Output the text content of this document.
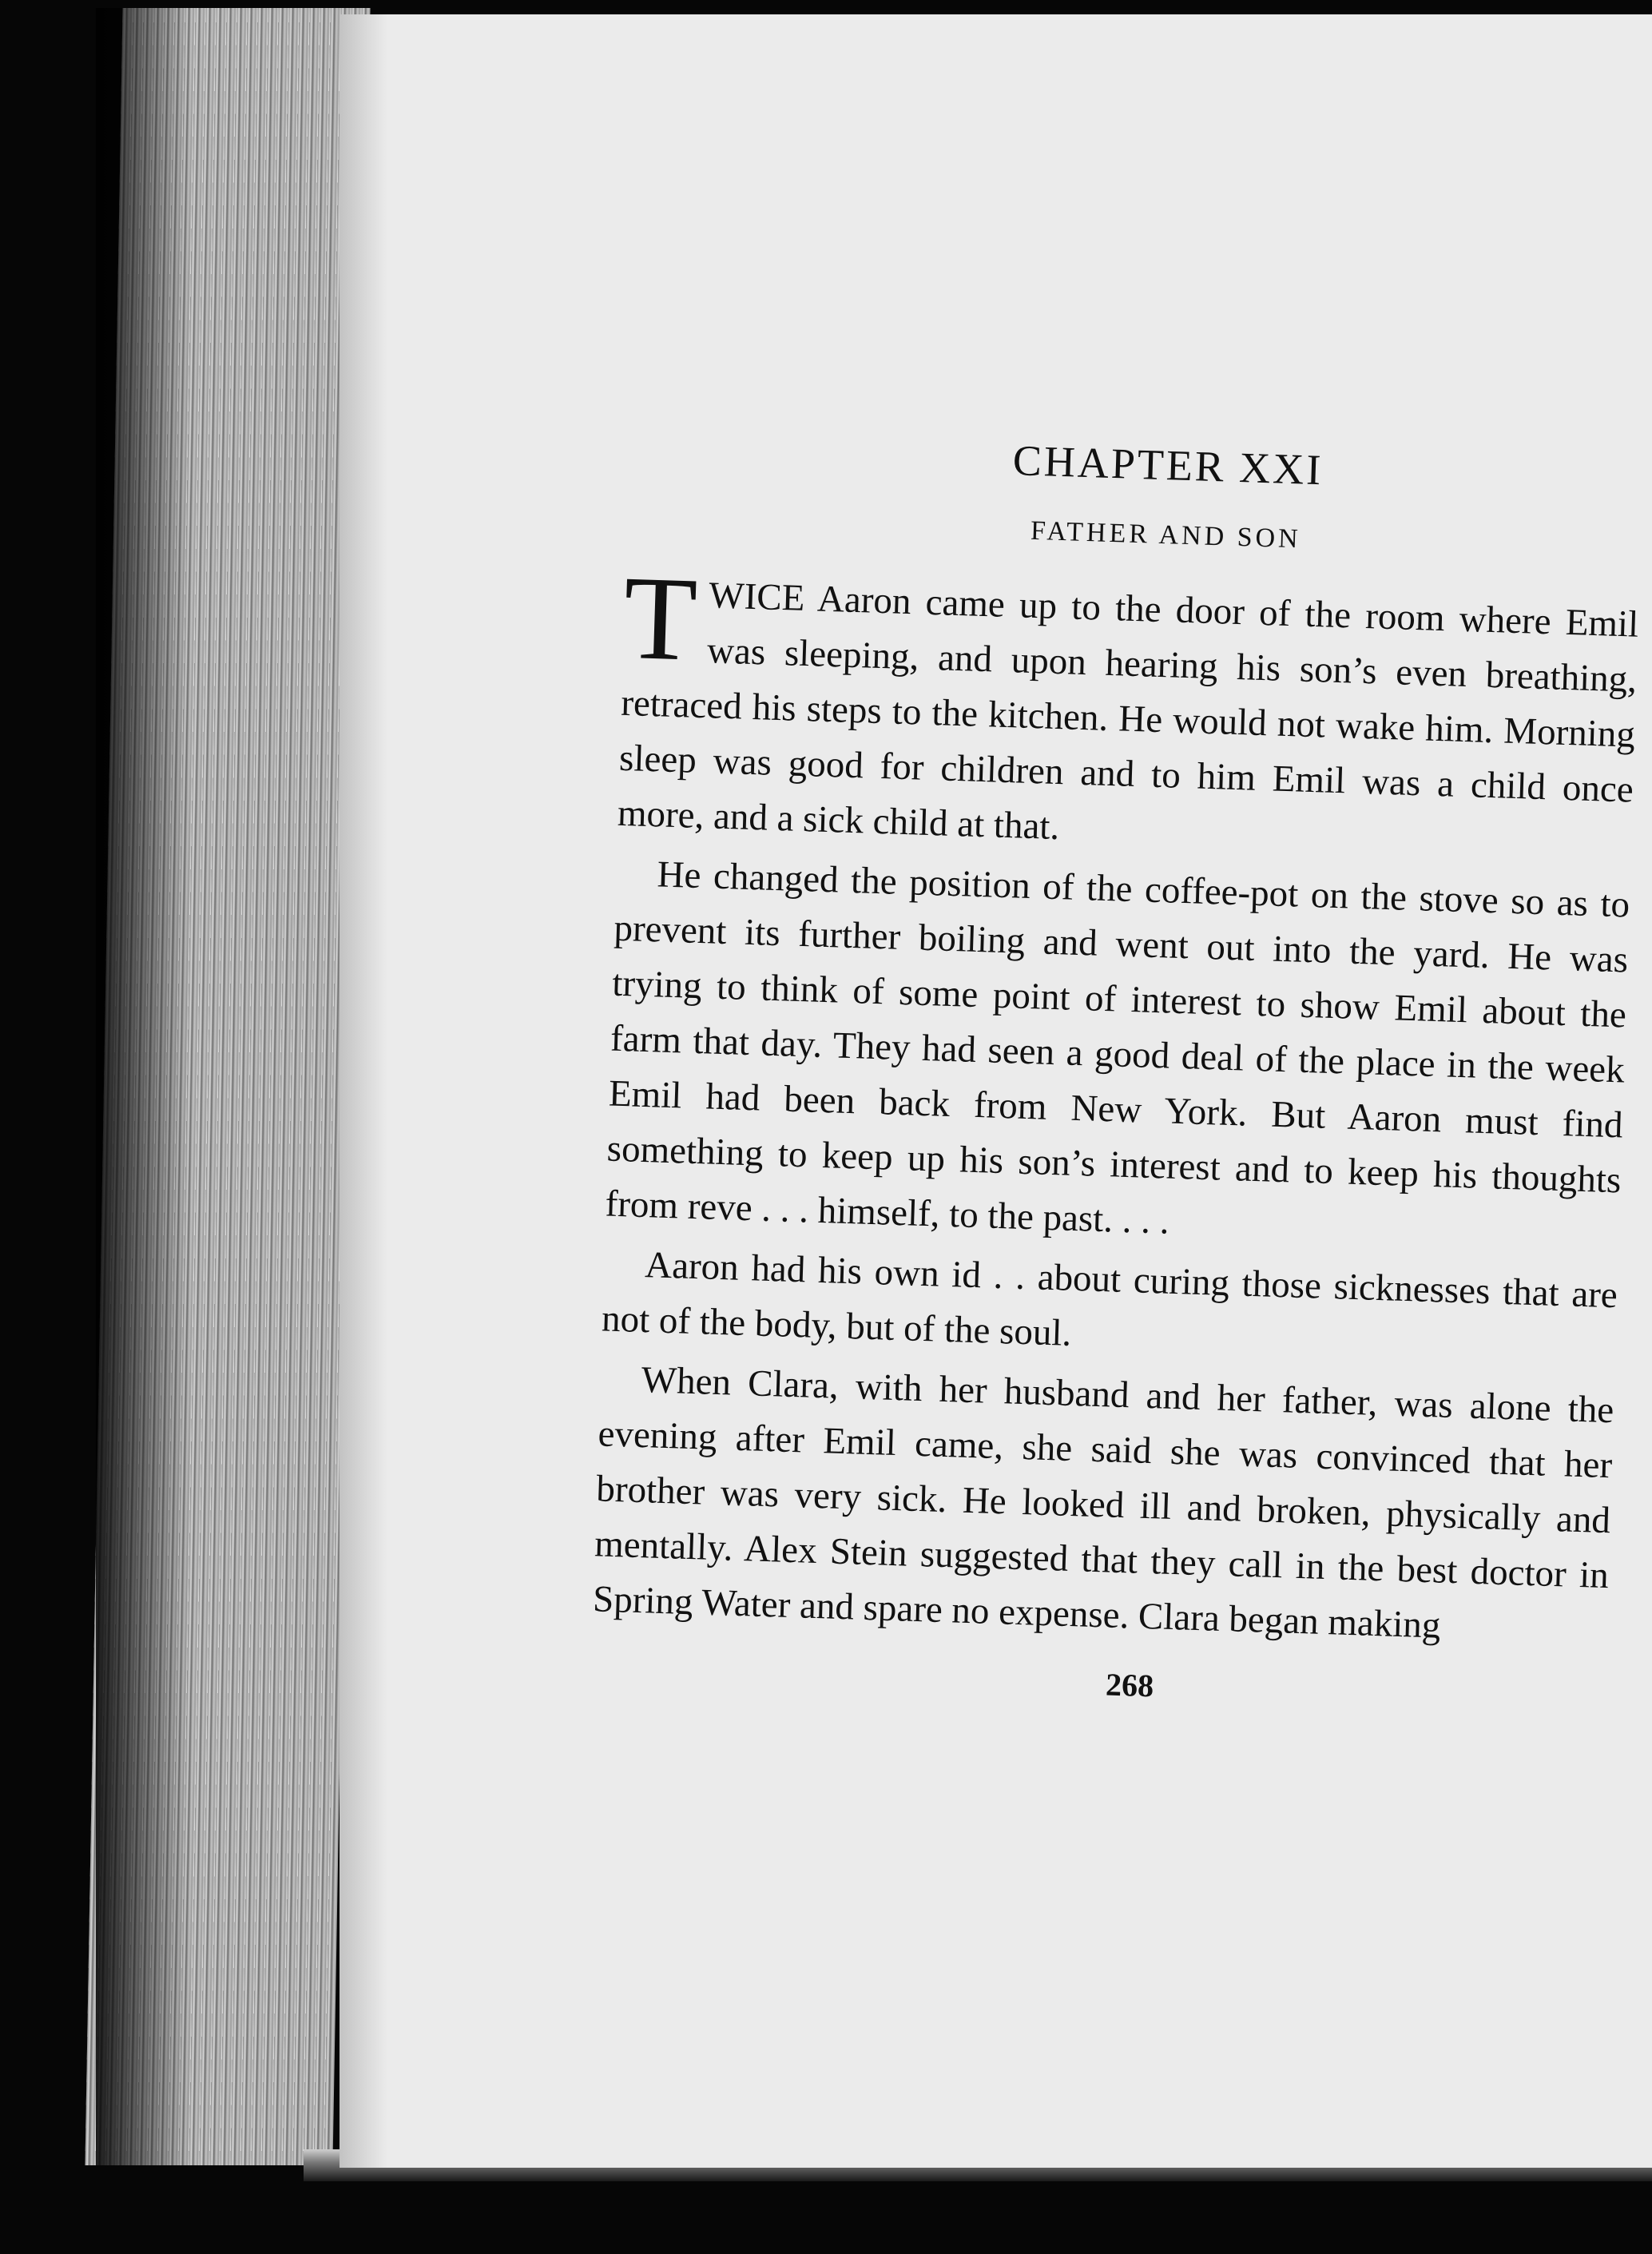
CHAPTER XXI
FATHER AND SON

TWICE Aaron came up to the door of the room where Emil was sleeping, and upon hearing his son’s even breathing, retraced his steps to the kitchen. He would not wake him. Morning sleep was good for children and to him Emil was a child once more, and a sick child at that.

He changed the position of the coffee-pot on the stove so as to prevent its further boiling and went out into the yard. He was trying to think of some point of interest to show Emil about the farm that day. They had seen a good deal of the place in the week Emil had been back from New York. But Aaron must find something to keep up his son’s interest and to keep his thoughts from reve . . . himself, to the past. . . .

Aaron had his own id . . about curing those sicknesses that are not of the body, but of the soul.

When Clara, with her husband and her father, was alone the evening after Emil came, she said she was convinced that her brother was very sick. He looked ill and broken, physically and mentally. Alex Stein suggested that they call in the best doctor in Spring Water and spare no expense. Clara began making

268
